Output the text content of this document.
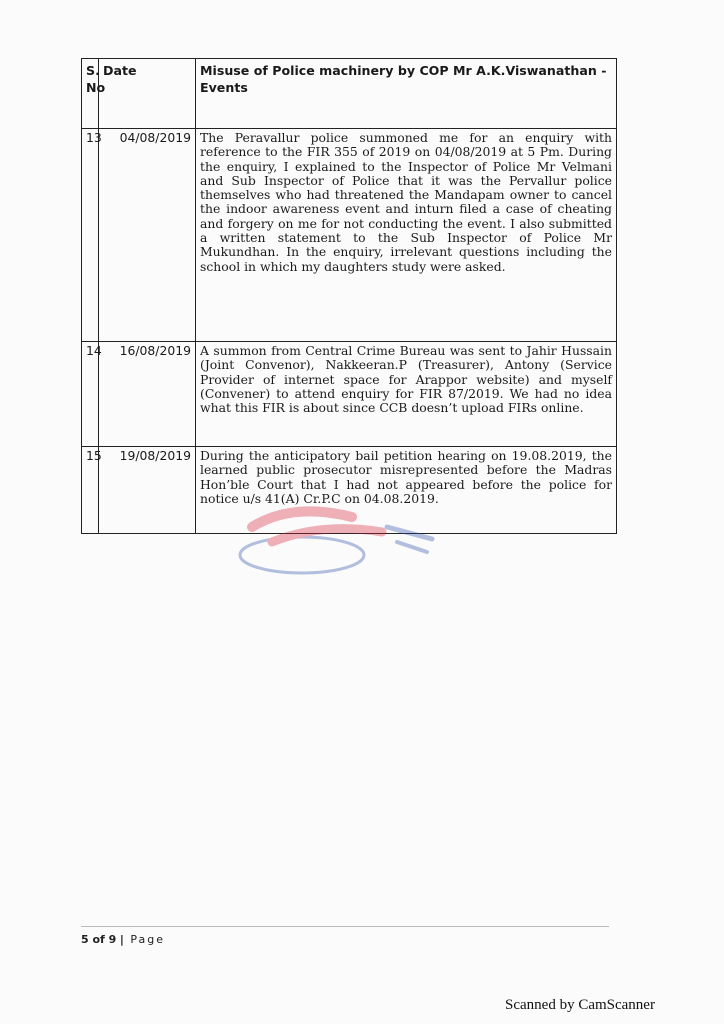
S. No	Date	Misuse of Police machinery by COP Mr A.K.Viswanathan - Events
13	04/08/2019	The Peravallur police summoned me for an enquiry with reference to the FIR 355 of 2019 on 04/08/2019 at 5 Pm. During the enquiry, I explained to the Inspector of Police Mr Velmani and Sub Inspector of Police that it was the Pervallur police themselves who had threatened the Mandapam owner to cancel the indoor awareness event and inturn filed a case of cheating and forgery on me for not conducting the event. I also submitted a written statement to the Sub Inspector of Police Mr Mukundhan. In the enquiry, irrelevant questions including the school in which my daughters study were asked.
14	16/08/2019	A summon from Central Crime Bureau was sent to Jahir Hussain (Joint Convenor), Nakkeeran.P (Treasurer), Antony (Service Provider of internet space for Arappor website) and myself (Convener) to attend enquiry for FIR 87/2019. We had no idea what this FIR is about since CCB doesn’t upload FIRs online.
15	19/08/2019	During the anticipatory bail petition hearing on 19.08.2019, the learned public prosecutor misrepresented before the Madras Hon’ble Court that I had not appeared before the police for notice u/s 41(A) Cr.P.C on 04.08.2019.
5 of 9 | Page
Scanned by CamScanner
